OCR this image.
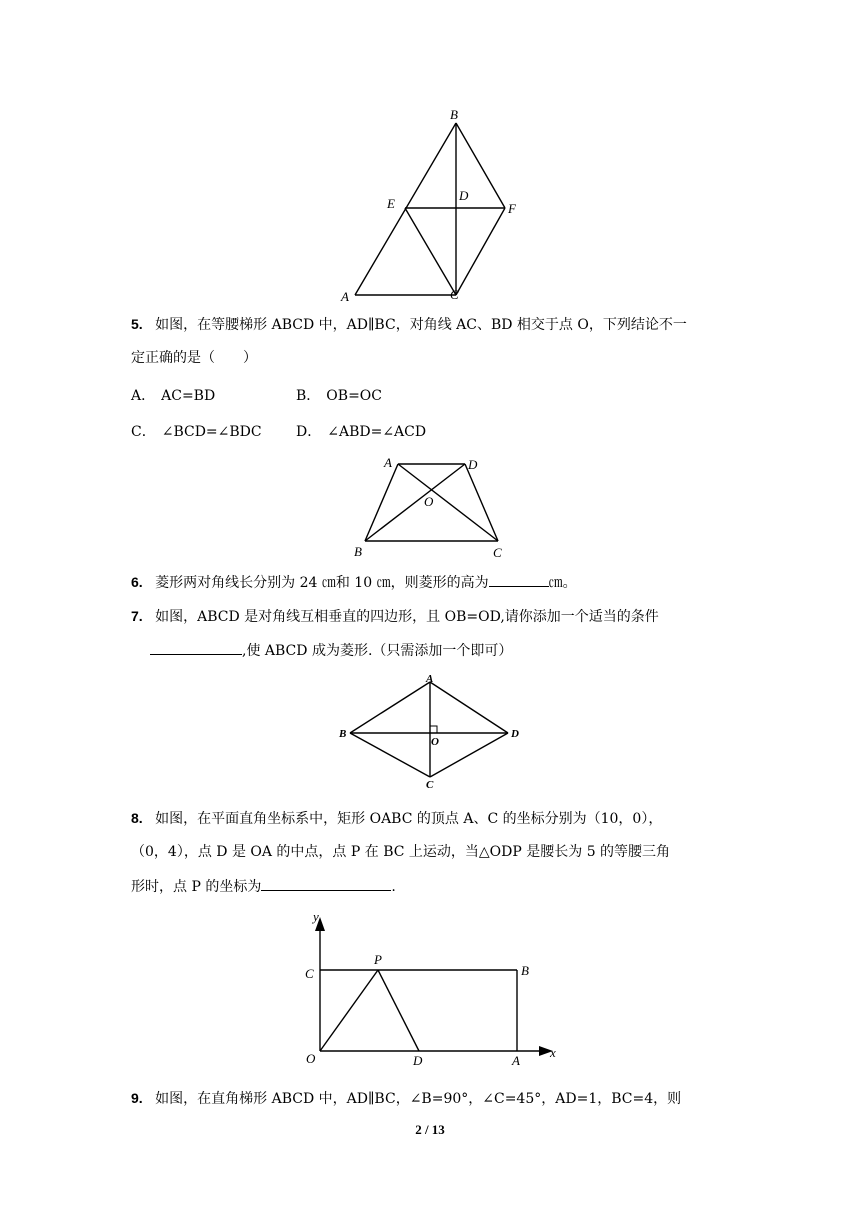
B
E
D
F
A	C
5. 如图，在等腰梯形 ABCD 中，AD∥BC，对角线 AC、BD 相交于点 O，下列结论不一
定正确的是（　　）
A． AC=BD	B． OB=OC
C． ∠BCD=∠BDC D． ∠ABD=∠ACD
A	D
O
B	C
6. 菱形两对角线长分别为 24 ㎝和 10 ㎝，则菱形的高为	㎝。
7. 如图，ABCD 是对角线互相垂直的四边形，且 OB=OD,请你添加一个适当的条件
,使 ABCD 成为菱形.（只需添加一个即可）
A
B
O
D
C
8. 如图，在平面直角坐标系中，矩形 OABC 的顶点 A、C 的坐标分别为（10，0），
（0，4），点 D 是 OA 的中点，点 P 在 BC 上运动，当△ODP 是腰长为 5 的等腰三角
形时，点 P 的坐标为	.
y
x
C
P
B
O	D	A
9. 如图，在直角梯形 ABCD 中，AD∥BC，∠B=90°，∠C=45°，AD=1，BC=4，则
2 / 13
